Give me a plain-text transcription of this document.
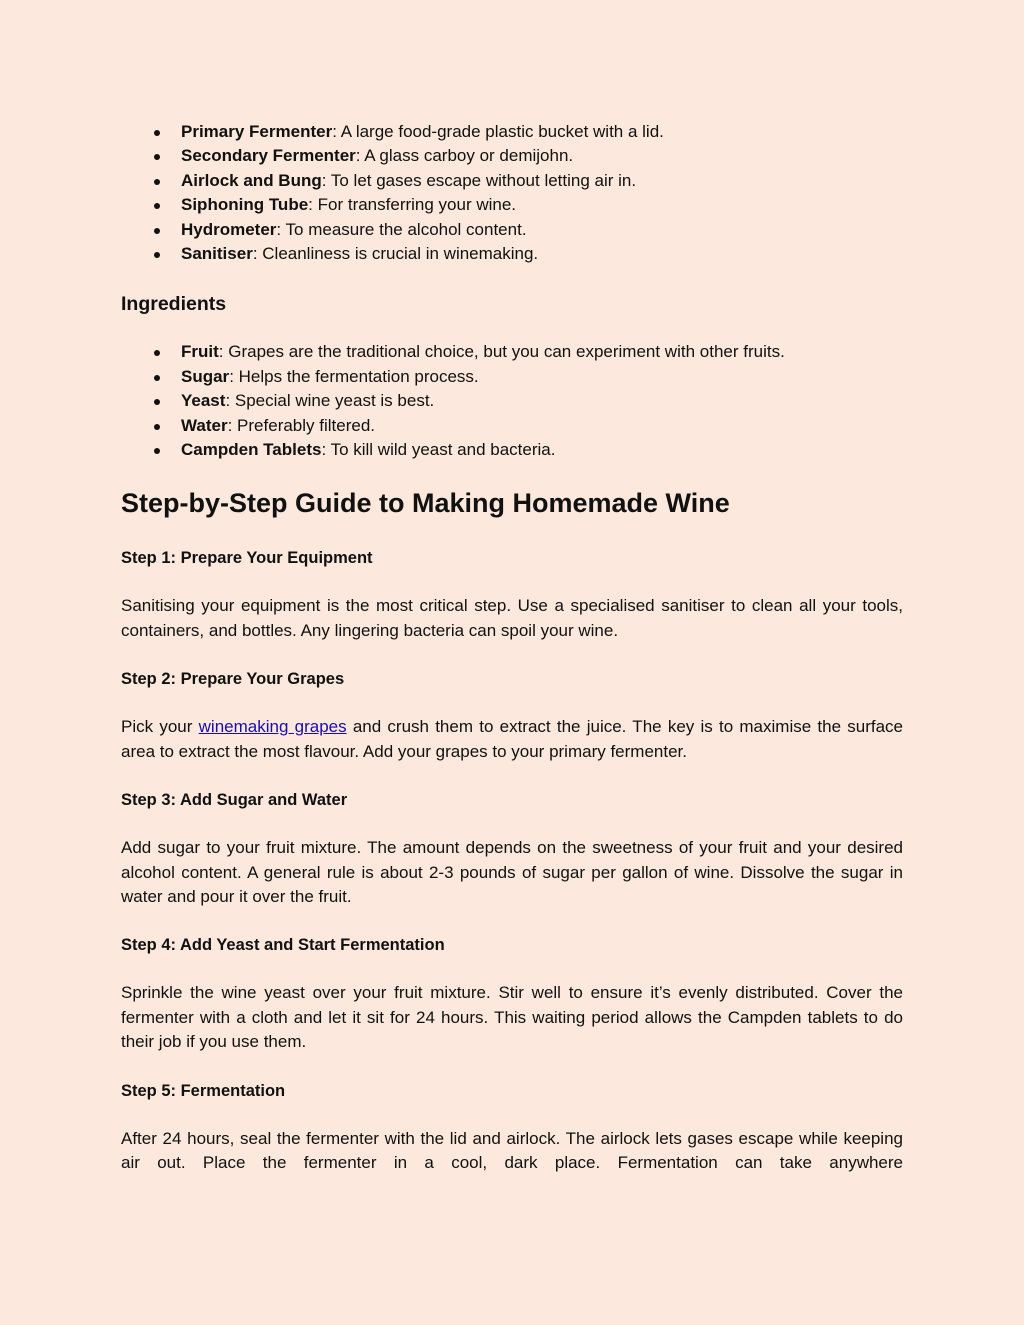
Primary Fermenter: A large food-grade plastic bucket with a lid.
Secondary Fermenter: A glass carboy or demijohn.
Airlock and Bung: To let gases escape without letting air in.
Siphoning Tube: For transferring your wine.
Hydrometer: To measure the alcohol content.
Sanitiser: Cleanliness is crucial in winemaking.
Ingredients
Fruit: Grapes are the traditional choice, but you can experiment with other fruits.
Sugar: Helps the fermentation process.
Yeast: Special wine yeast is best.
Water: Preferably filtered.
Campden Tablets: To kill wild yeast and bacteria.
Step-by-Step Guide to Making Homemade Wine
Step 1: Prepare Your Equipment

Sanitising your equipment is the most critical step. Use a specialised sanitiser to clean all your tools, containers, and bottles. Any lingering bacteria can spoil your wine.

Step 2: Prepare Your Grapes

Pick your winemaking grapes and crush them to extract the juice. The key is to maximise the surface area to extract the most flavour. Add your grapes to your primary fermenter.

Step 3: Add Sugar and Water

Add sugar to your fruit mixture. The amount depends on the sweetness of your fruit and your desired alcohol content. A general rule is about 2-3 pounds of sugar per gallon of wine. Dissolve the sugar in water and pour it over the fruit.

Step 4: Add Yeast and Start Fermentation

Sprinkle the wine yeast over your fruit mixture. Stir well to ensure it’s evenly distributed. Cover the fermenter with a cloth and let it sit for 24 hours. This waiting period allows the Campden tablets to do their job if you use them.

Step 5: Fermentation

After 24 hours, seal the fermenter with the lid and airlock. The airlock lets gases escape while keeping air out. Place the fermenter in a cool, dark place. Fermentation can take anywhere
